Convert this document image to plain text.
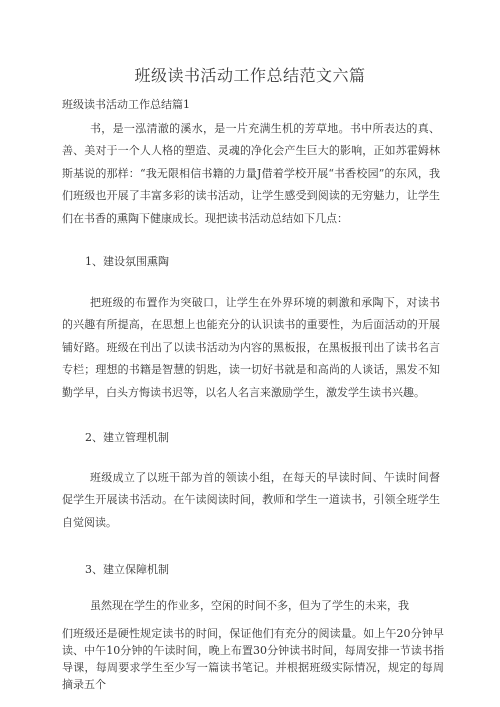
班级读书活动工作总结范文六篇
班级读书活动工作总结篇1
书，是一泓清澈的溪水，是一片充满生机的芳草地。书中所表达的真、善、美对于一个人人格的塑造、灵魂的净化会产生巨大的影响，正如苏霍姆林斯基说的那样：“我无限相信书籍的力量J借着学校开展“书香校园”的东风，我们班级也开展了丰富多彩的读书活动，让学生感受到阅读的无穷魅力，让学生们在书香的熏陶下健康成长。现把读书活动总结如下几点：
1、建设氛围熏陶
把班级的布置作为突破口，让学生在外界环境的刺激和承陶下，对读书的兴趣有所提高，在思想上也能充分的认识读书的重要性，为后面活动的开展铺好路。班级在刊出了以读书活动为内容的黑板报，在黑板报刊出了读书名言专栏；理想的书籍是智慧的钥匙，读一切好书就是和高尚的人谈话，黑发不知勤学早，白头方悔读书迟等，以名人名言来激励学生，激发学生读书兴趣。
2、建立管理机制
班级成立了以班干部为首的领读小组，在每天的早读时间、午读时间督促学生开展读书活动。在午读阅读时间，教师和学生一道读书，引领全班学生自觉阅读。
3、建立保障机制
虽然现在学生的作业多，空闲的时间不多，但为了学生的未来，我
们班级还是硬性规定读书的时间，保证他们有充分的阅读量。如上午20分钟早读、中午10分钟的午读时间，晚上布置30分钟读书时间，每周安排一节读书指导课，每周要求学生至少写一篇读书笔记。并根据班级实际情况，规定的每周摘录五个
